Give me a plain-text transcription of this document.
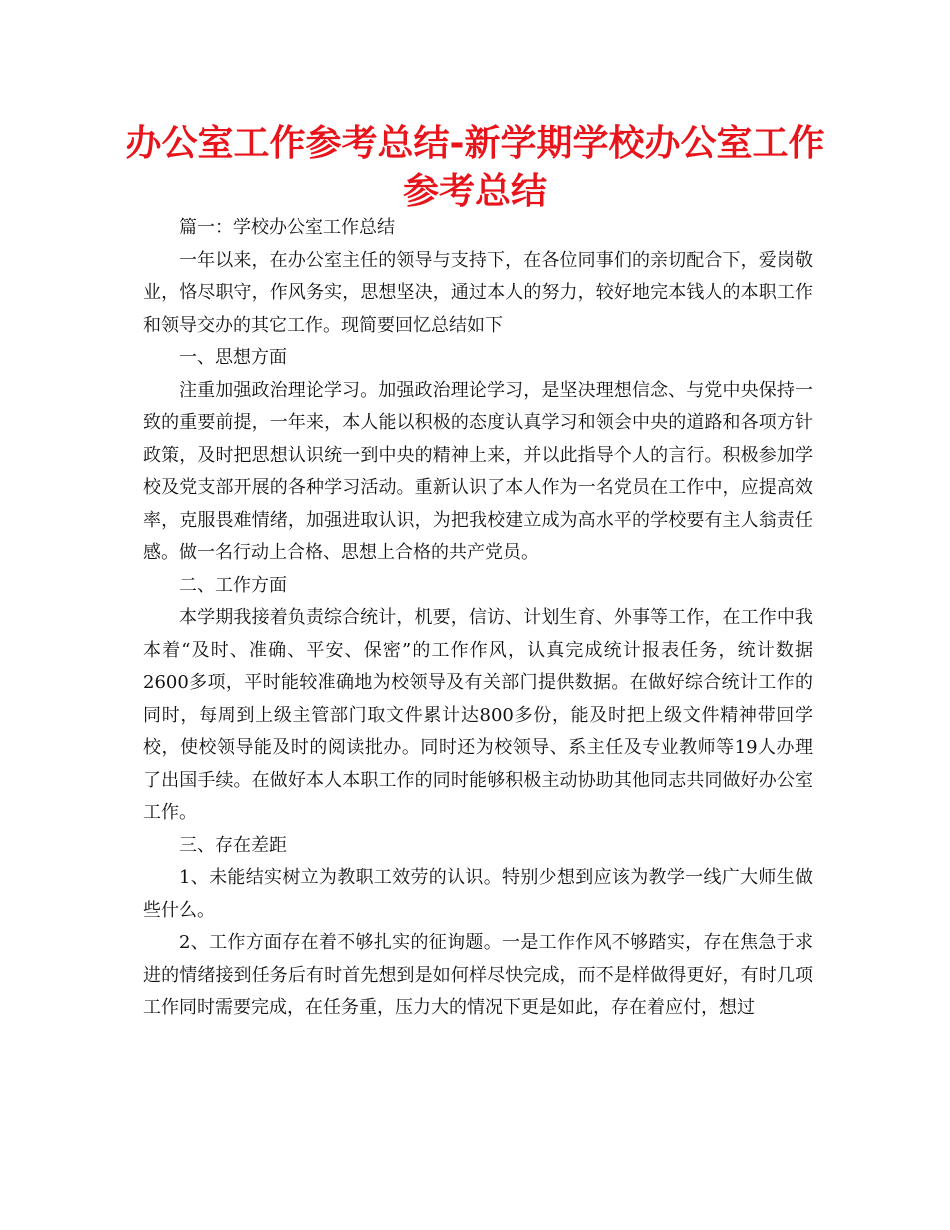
办公室工作参考总结-新学期学校办公室工作参考总结

篇一：学校办公室工作总结

一年以来，在办公室主任的领导与支持下，在各位同事们的亲切配合下，爱岗敬业，恪尽职守，作风务实，思想坚决，通过本人的努力，较好地完本钱人的本职工作和领导交办的其它工作。现简要回忆总结如下

一、思想方面

注重加强政治理论学习。加强政治理论学习，是坚决理想信念、与党中央保持一致的重要前提，一年来，本人能以积极的态度认真学习和领会中央的道路和各项方针政策，及时把思想认识统一到中央的精神上来，并以此指导个人的言行。积极参加学校及党支部开展的各种学习活动。重新认识了本人作为一名党员在工作中，应提高效率，克服畏难情绪，加强进取认识，为把我校建立成为高水平的学校要有主人翁责任感。做一名行动上合格、思想上合格的共产党员。

二、工作方面

本学期我接着负责综合统计，机要，信访、计划生育、外事等工作，在工作中我本着“及时、准确、平安、保密”的工作作风，认真完成统计报表任务，统计数据2600多项，平时能较准确地为校领导及有关部门提供数据。在做好综合统计工作的同时，每周到上级主管部门取文件累计达800多份，能及时把上级文件精神带回学校，使校领导能及时的阅读批办。同时还为校领导、系主任及专业教师等19人办理了出国手续。在做好本人本职工作的同时能够积极主动协助其他同志共同做好办公室工作。

三、存在差距

1、未能结实树立为教职工效劳的认识。特别少想到应该为教学一线广大师生做些什么。

2、工作方面存在着不够扎实的征询题。一是工作作风不够踏实，存在焦急于求进的情绪接到任务后有时首先想到是如何样尽快完成，而不是样做得更好，有时几项工作同时需要完成，在任务重，压力大的情况下更是如此，存在着应付，想过
